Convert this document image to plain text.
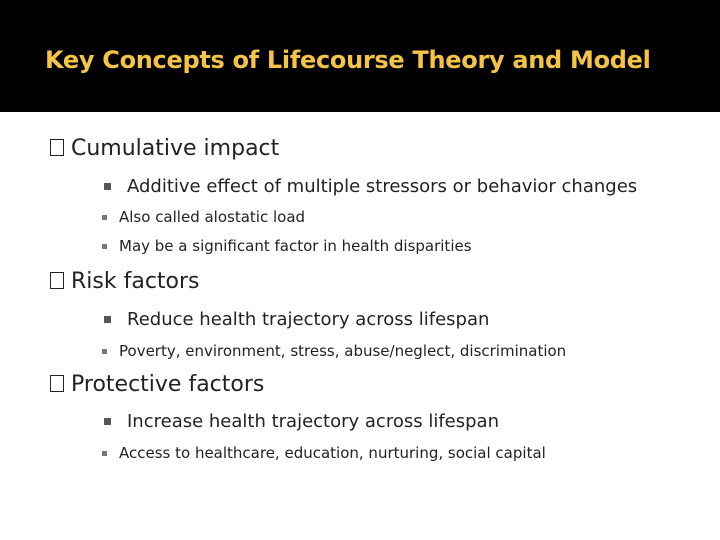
Key Concepts of Lifecourse Theory and Model
Cumulative impact
Additive effect of multiple stressors or behavior changes
Also called alostatic load
May be a significant factor in health disparities
Risk factors
Reduce health trajectory across lifespan
Poverty, environment, stress, abuse/neglect, discrimination
Protective factors
Increase health trajectory across lifespan
Access to healthcare, education, nurturing, social capital
